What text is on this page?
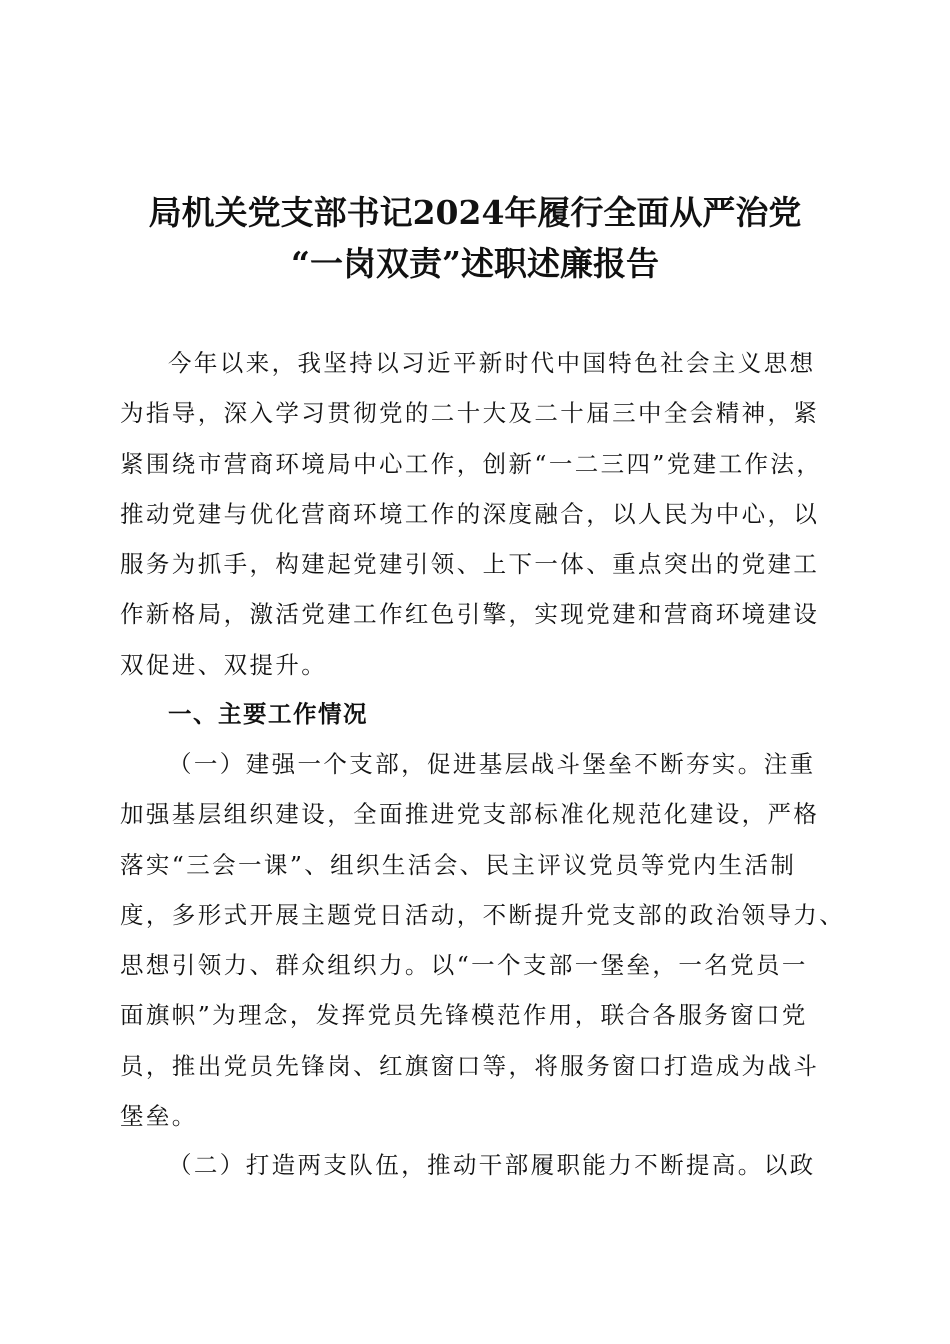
局机关党支部书记2024年履行全面从严治党
“一岗双责”述职述廉报告
今年以来，我坚持以习近平新时代中国特色社会主义思想
为指导，深入学习贯彻党的二十大及二十届三中全会精神，紧
紧围绕市营商环境局中心工作，创新“一二三四”党建工作法，
推动党建与优化营商环境工作的深度融合，以人民为中心，以
服务为抓手，构建起党建引领、上下一体、重点突出的党建工
作新格局，激活党建工作红色引擎，实现党建和营商环境建设
双促进、双提升。
一、主要工作情况
（一）建强一个支部，促进基层战斗堡垒不断夯实。注重
加强基层组织建设，全面推进党支部标准化规范化建设，严格
落实“三会一课”、组织生活会、民主评议党员等党内生活制
度，多形式开展主题党日活动，不断提升党支部的政治领导力、
思想引领力、群众组织力。以“一个支部一堡垒，一名党员一
面旗帜”为理念，发挥党员先锋模范作用，联合各服务窗口党
员，推出党员先锋岗、红旗窗口等，将服务窗口打造成为战斗
堡垒。
（二）打造两支队伍，推动干部履职能力不断提高。以政
